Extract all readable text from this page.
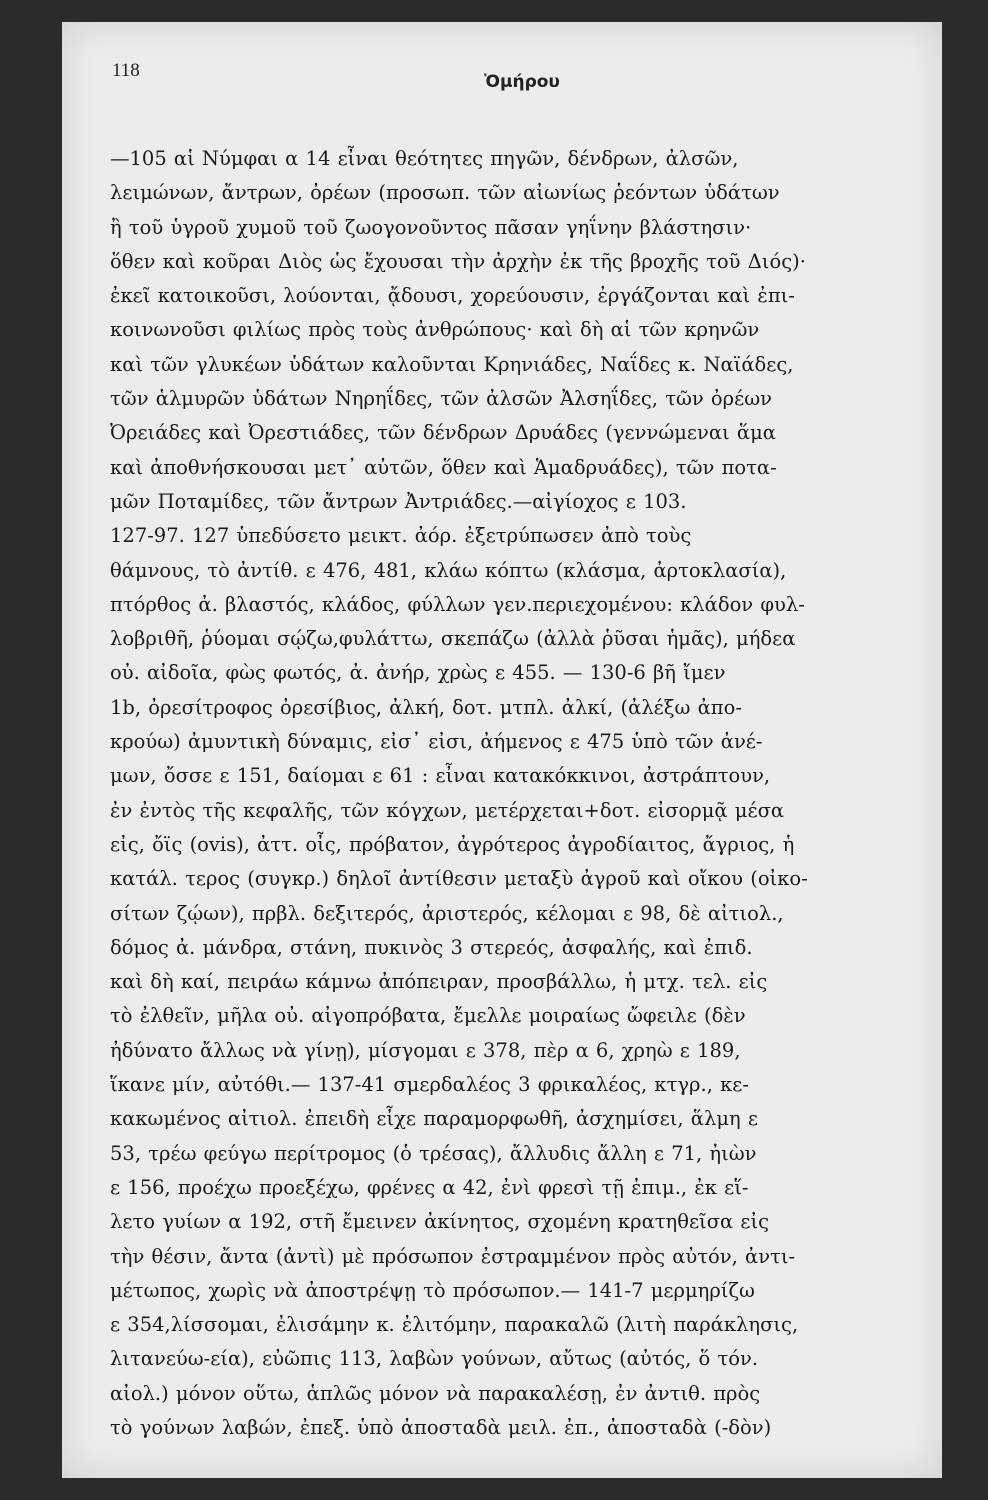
118
Ὁμήρου
—105 αἱ Νύμφαι α 14 εἶναι θεότητες πηγῶν, δένδρων, ἀλσῶν,
λειμώνων, ἄντρων, ὀρέων (προσωπ. τῶν αἰωνίως ῥεόντων ὑδάτων
ἢ τοῦ ὑγροῦ χυμοῦ τοῦ ζωογονοῦντος πᾶσαν γηΐνην βλάστησιν·
ὅθεν καὶ κοῦραι Διὸς ὡς ἔχουσαι τὴν ἀρχὴν ἐκ τῆς βροχῆς τοῦ Διός)·
ἐκεῖ κατοικοῦσι, λούονται, ᾄδουσι, χορεύουσιν, ἐργάζονται καὶ ἐπι-
κοινωνοῦσι φιλίως πρὸς τοὺς ἀνθρώπους· καὶ δὴ αἱ τῶν κρηνῶν
καὶ τῶν γλυκέων ὑδάτων καλοῦνται Κρηνιάδες, Ναΐδες κ. Ναϊάδες,
τῶν ἁλμυρῶν ὑδάτων Νηρηΐδες, τῶν ἀλσῶν Ἀλσηΐδες, τῶν ὀρέων
Ὀρειάδες καὶ Ὀρεστιάδες, τῶν δένδρων Δρυάδες (γεννώμεναι ἅμα
καὶ ἀποθνήσκουσαι μετ᾽ αὐτῶν, ὅθεν καὶ Ἁμαδρυάδες), τῶν ποτα-
μῶν Ποταμίδες, τῶν ἄντρων Ἀντριάδες.—αἰγίοχος ε 103.
127-97. 127 ὑπεδύσετο μεικτ. ἀόρ. ἐξετρύπωσεν ἀπὸ τοὺς
θάμνους, τὸ ἀντίθ. ε 476, 481, κλάω κόπτω (κλάσμα, ἀρτοκλασία),
πτόρθος ἀ. βλαστός, κλάδος, φύλλων γεν.περιεχομένου: κλάδον φυλ-
λοβριθῆ, ῥύομαι σῴζω,φυλάττω, σκεπάζω (ἀλλὰ ῥῦσαι ἡμᾶς), μήδεα
οὐ. αἰδοῖα, φὼς φωτός, ἀ. ἀνήρ, χρὼς ε 455. — 130-6 βῆ ἴμεν
1b, ὀρεσίτροφος ὀρεσίβιος, ἀλκή, δοτ. μτπλ. ἀλκί, (ἀλέξω ἀπο-
κρούω) ἀμυντικὴ δύναμις, εἰσ᾽ εἰσι, ἀήμενος ε 475 ὑπὸ τῶν ἀνέ-
μων, ὄσσε ε 151, δαίομαι ε 61 : εἶναι κατακόκκινοι, ἀστράπτουν,
ἐν ἐντὸς τῆς κεφαλῆς, τῶν κόγχων, μετέρχεται+δοτ. εἰσορμᾷ μέσα
εἰς, ὄϊς (ovis), ἀττ. οἶς, πρόβατον, ἀγρότερος ἀγροδίαιτος, ἄγριος, ἡ
κατάλ. τερος (συγκρ.) δηλοῖ ἀντίθεσιν μεταξὺ ἀγροῦ καὶ οἴκου (οἰκο-
σίτων ζῴων), πρβλ. δεξιτερός, ἀριστερός, κέλομαι ε 98, δὲ αἰτιολ.,
δόμος ἀ. μάνδρα, στάνη, πυκινὸς 3 στερεός, ἀσφαλής, καὶ ἐπιδ.
καὶ δὴ καί, πειράω κάμνω ἀπόπειραν, προσβάλλω, ἡ μτχ. τελ. εἰς
τὸ ἐλθεῖν, μῆλα οὐ. αἰγοπρόβατα, ἔμελλε μοιραίως ὤφειλε (δὲν
ἠδύνατο ἄλλως νὰ γίνῃ), μίσγομαι ε 378, πὲρ α 6, χρηὼ ε 189,
ἵκανε μίν, αὐτόθι.— 137-41 σμερδαλέος 3 φρικαλέος, κτγρ., κε-
κακωμένος αἰτιολ. ἐπειδὴ εἶχε παραμορφωθῆ, ἀσχημίσει, ἅλμη ε
53, τρέω φεύγω περίτρομος (ὁ τρέσας), ἄλλυδις ἄλλη ε 71, ἠιὼν
ε 156, προέχω προεξέχω, φρένες α 42, ἐνὶ φρεσὶ τῇ ἐπιμ., ἐκ εἵ-
λετο γυίων α 192, στῆ ἔμεινεν ἀκίνητος, σχομένη κρατηθεῖσα εἰς
τὴν θέσιν, ἄντα (ἀντὶ) μὲ πρόσωπον ἐστραμμένον πρὸς αὐτόν, ἀντι-
μέτωπος, χωρὶς νὰ ἀποστρέψῃ τὸ πρόσωπον.— 141-7 μερμηρίζω
ε 354,λίσσομαι, ἐλισάμην κ. ἐλιτόμην, παρακαλῶ (λιτὴ παράκλησις,
λιτανεύω-εία), εὐῶπις 113, λαβὼν γούνων, αὔτως (αὐτός, ὅ τόν.
αἰολ.) μόνον οὕτω, ἁπλῶς μόνον νὰ παρακαλέσῃ, ἐν ἀντιθ. πρὸς
τὸ γούνων λαβών, ἐπεξ. ὑπὸ ἀποσταδὰ μειλ. ἐπ., ἀποσταδὰ (-δὸν)
